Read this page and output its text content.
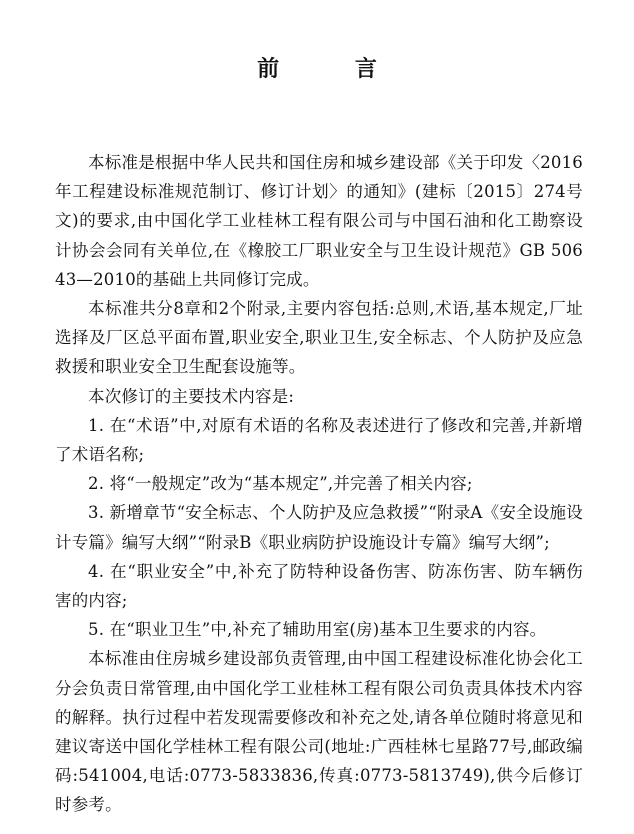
前 言

本标准是根据中华人民共和国住房和城乡建设部《关于印发〈2016年工程建设标准规范制订、修订计划〉的通知》(建标〔2015〕274号文)的要求,由中国化学工业桂林工程有限公司与中国石油和化工勘察设计协会会同有关单位,在《橡胶工厂职业安全与卫生设计规范》GB 50643—2010的基础上共同修订完成。

本标准共分8章和2个附录,主要内容包括:总则,术语,基本规定,厂址选择及厂区总平面布置,职业安全,职业卫生,安全标志、个人防护及应急救援和职业安全卫生配套设施等。

本次修订的主要技术内容是:

1. 在“术语”中,对原有术语的名称及表述进行了修改和完善,并新增了术语名称;

2. 将“一般规定”改为“基本规定”,并完善了相关内容;

3. 新增章节“安全标志、个人防护及应急救援”“附录A《安全设施设计专篇》编写大纲”“附录B《职业病防护设施设计专篇》编写大纲”;

4. 在“职业安全”中,补充了防特种设备伤害、防冻伤害、防车辆伤害的内容;

5. 在“职业卫生”中,补充了辅助用室(房)基本卫生要求的内容。

本标准由住房城乡建设部负责管理,由中国工程建设标准化协会化工分会负责日常管理,由中国化学工业桂林工程有限公司负责具体技术内容的解释。执行过程中若发现需要修改和补充之处,请各单位随时将意见和建议寄送中国化学桂林工程有限公司(地址:广西桂林七星路77号,邮政编码:541004,电话:0773-5833836,传真:0773-5813749),供今后修订时参考。
